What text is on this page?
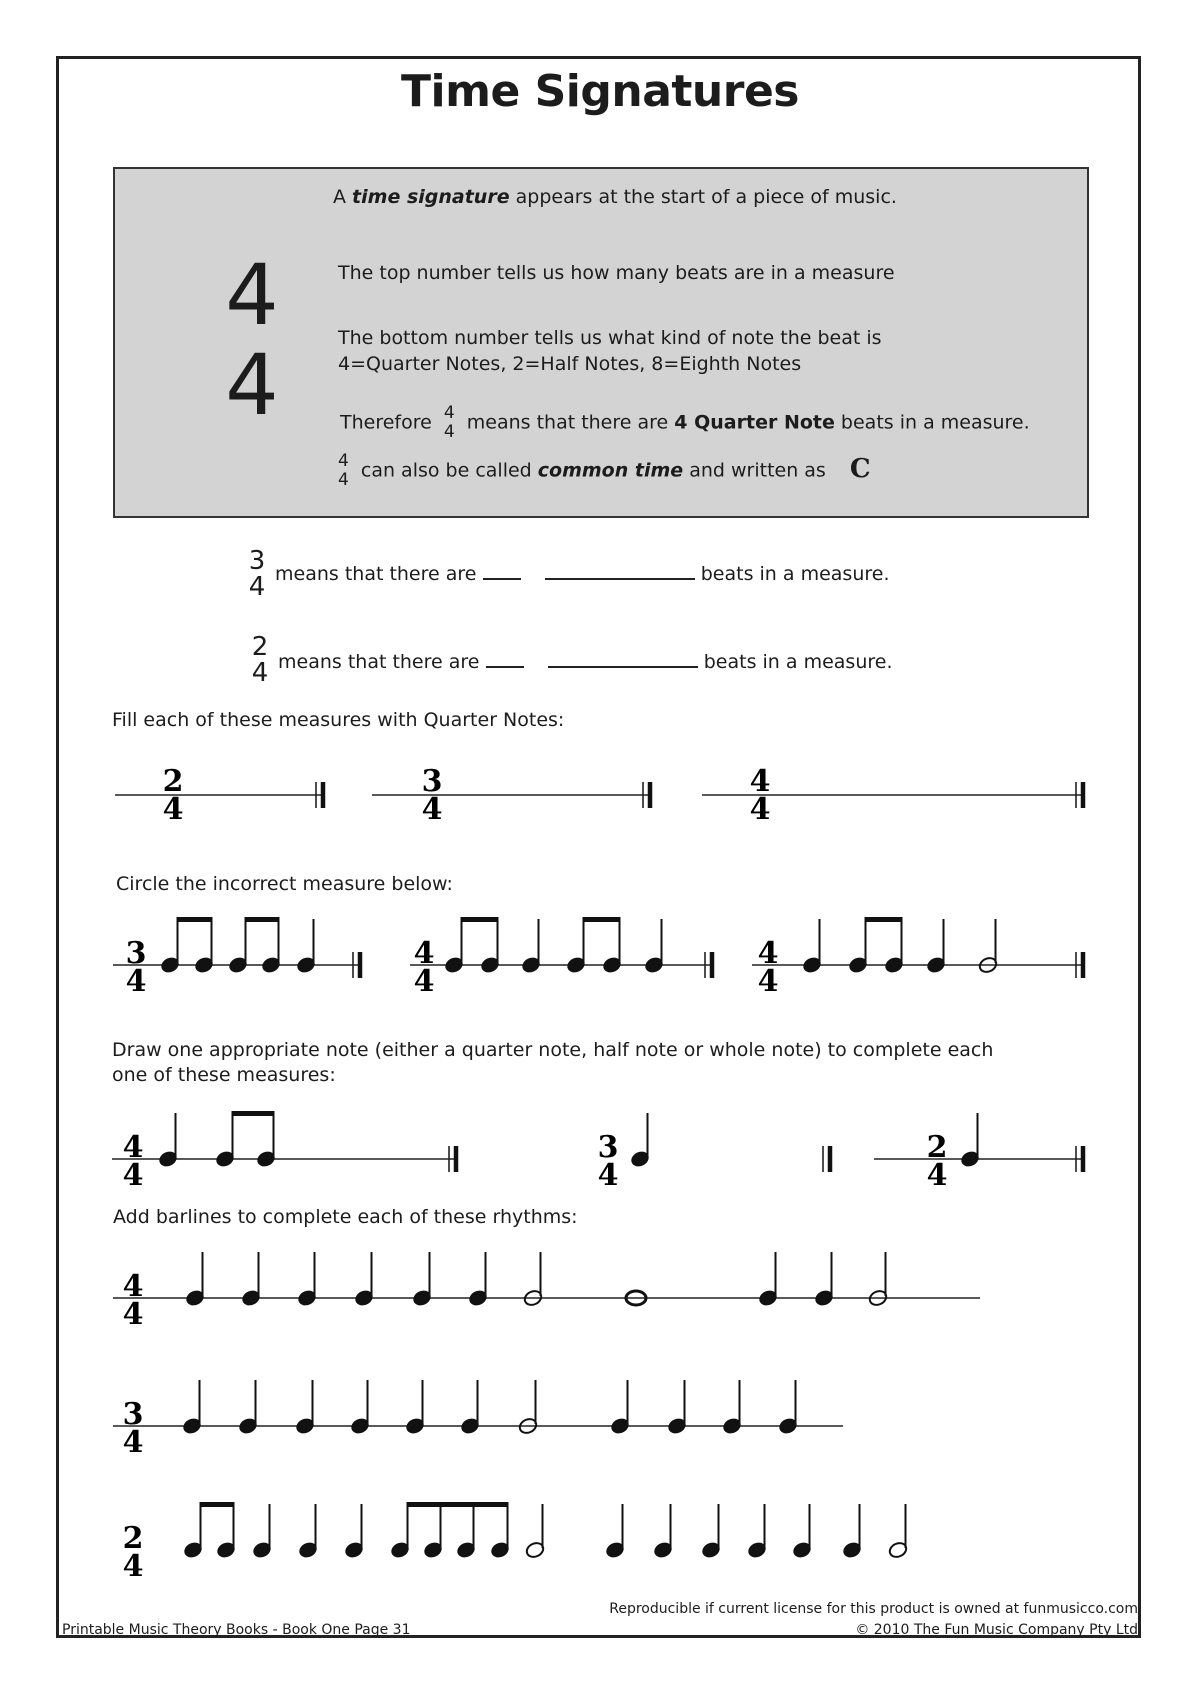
Time Signatures
A time signature appears at the start of a piece of music.
4
4
The top number tells us how many beats are in a measure
The bottom number tells us what kind of note the beat is
4=Quarter Notes, 2=Half Notes, 8=Eighth Notes
Therefore 4
4 means that there are 4 Quarter Note beats in a measure.
4
4 can also be called common time and written as C
3
4 means that there are	beats in a measure.
2
4 means that there are	beats in a measure.
Fill each of these measures with Quarter Notes:
Circle the incorrect measure below:
Draw one appropriate note (either a quarter note, half note or whole note) to complete each
one of these measures:
Add barlines to complete each of these rhythms:
Printable Music Theory Books - Book One Page 31
Reproducible if current license for this product is owned at funmusicco.com
© 2010 The Fun Music Company Pty Ltd
2
4
3
4
4
4
3
4
4
4
4
4
4
4
3
4
2
4
4
4
3
4
2
4
